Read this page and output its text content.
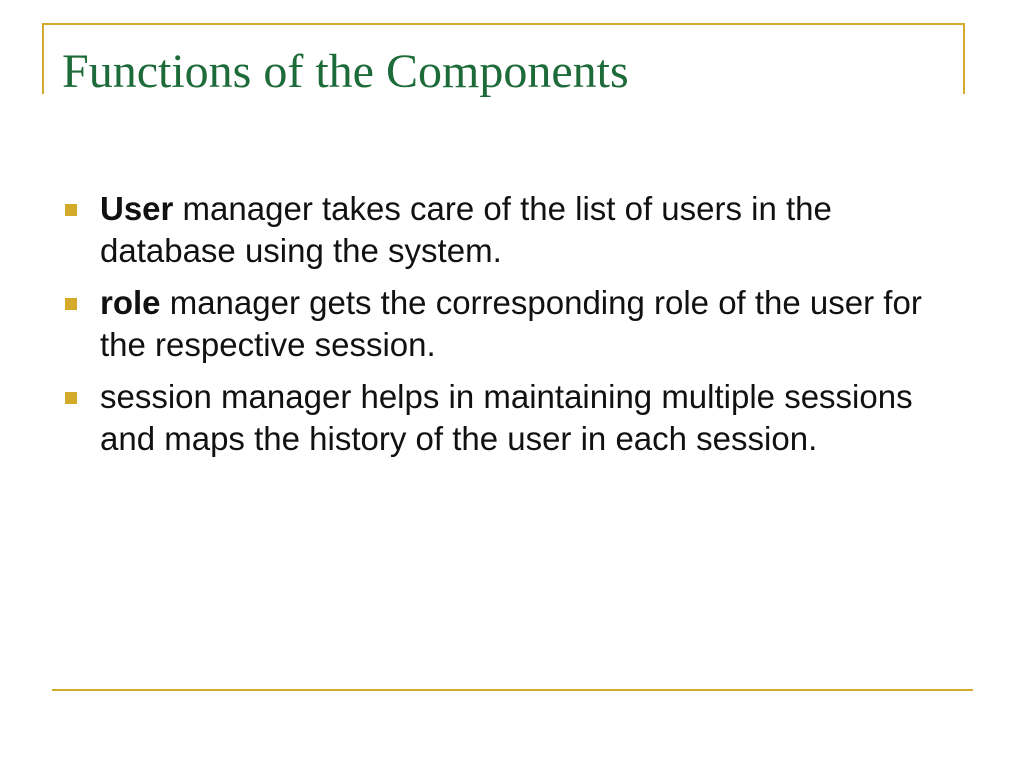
Functions of the Components
User manager takes care of the list of users in the database using the system.
role manager gets the corresponding role of the user for the respective session.
session manager helps in maintaining multiple sessions and maps the history of the user in each session.
